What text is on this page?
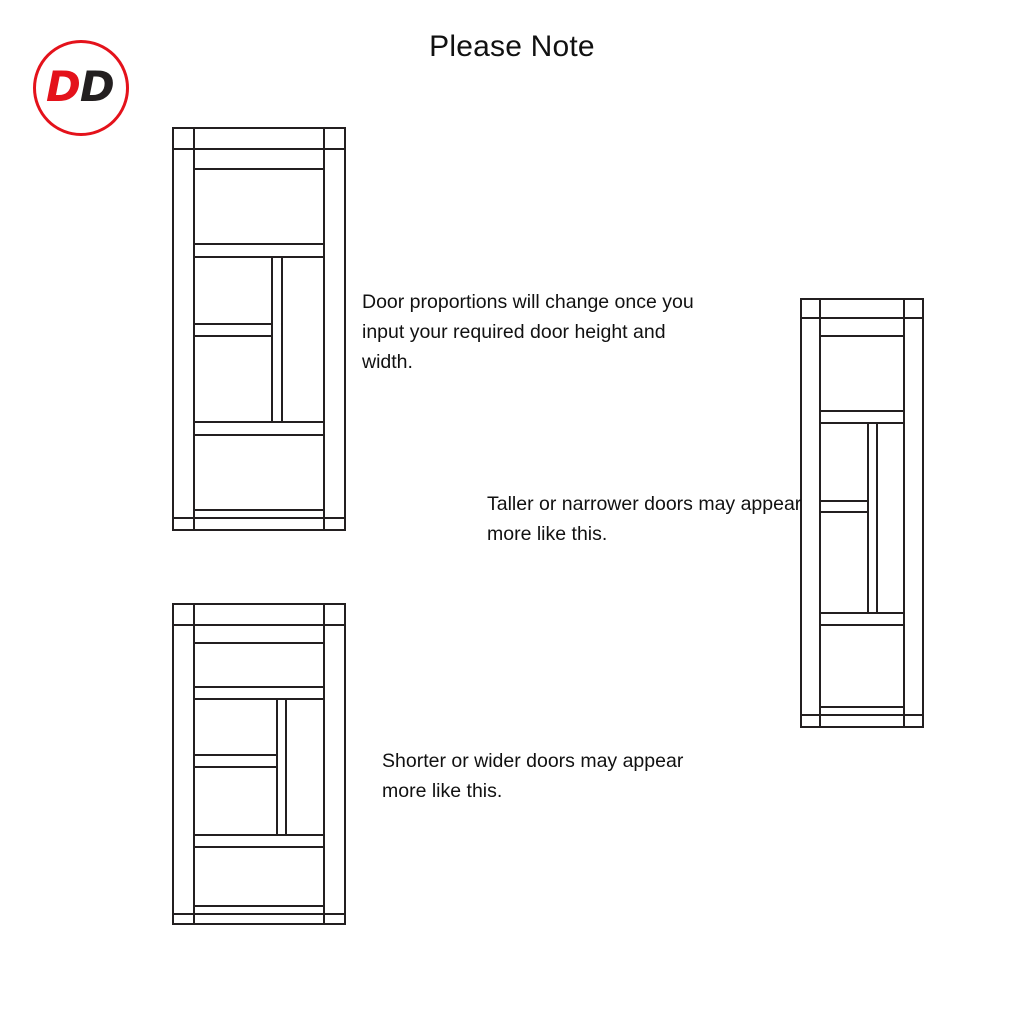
Please Note
DD
Door proportions will change once you input your required door height and width.
Taller or narrower doors may appear more like this.
Shorter or wider doors may appear more like this.
